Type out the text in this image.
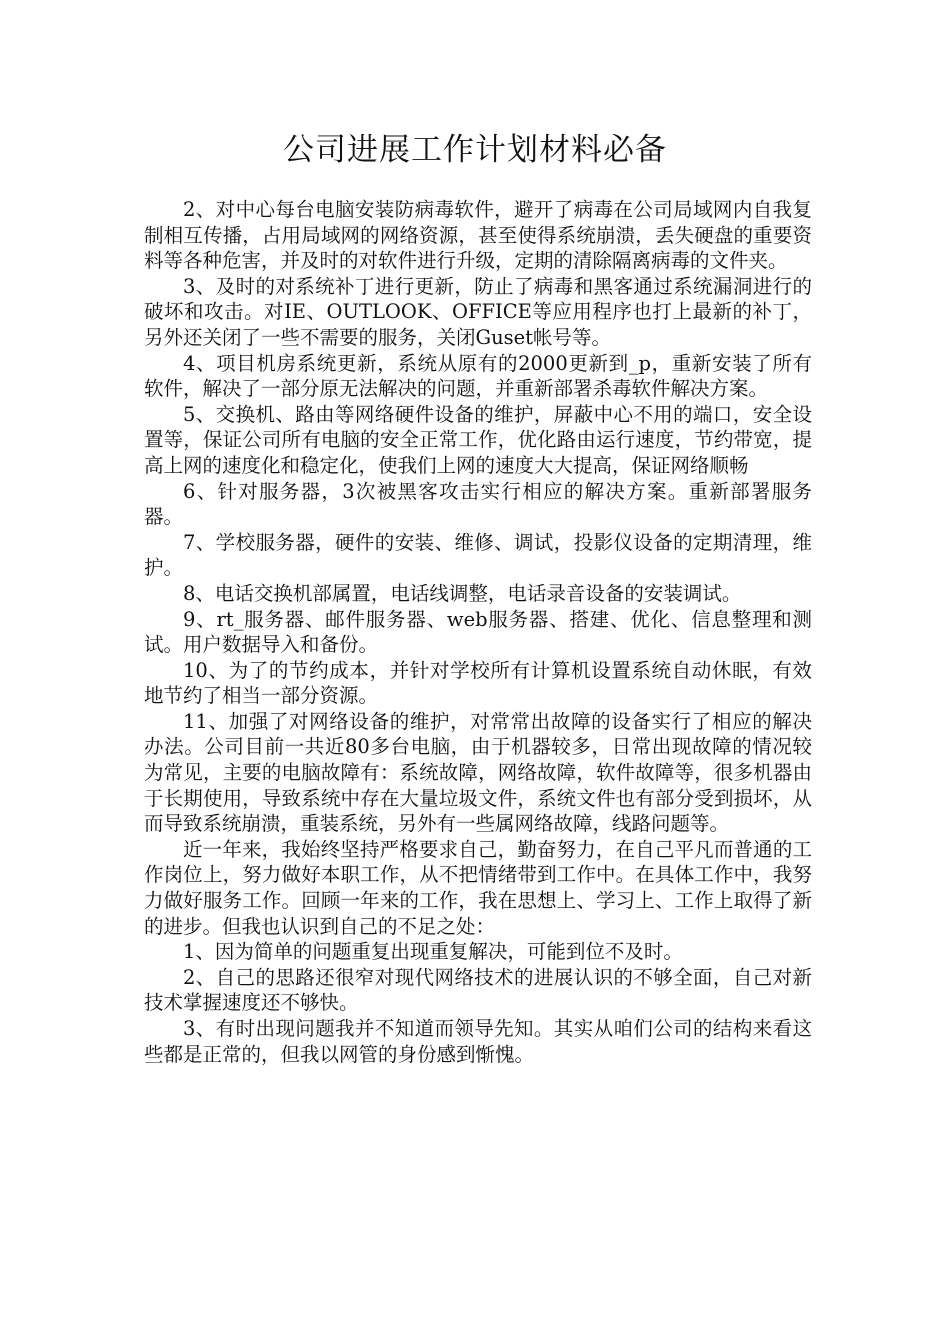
公司进展工作计划材料必备

2、对中心每台电脑安装防病毒软件，避开了病毒在公司局域网内自我复制相互传播，占用局域网的网络资源，甚至使得系统崩溃，丢失硬盘的重要资料等各种危害，并及时的对软件进行升级，定期的清除隔离病毒的文件夹。

3、及时的对系统补丁进行更新，防止了病毒和黑客通过系统漏洞进行的破坏和攻击。对IE、OUTLOOK、OFFICE等应用程序也打上最新的补丁，另外还关闭了一些不需要的服务，关闭Guset帐号等。

4、项目机房系统更新，系统从原有的2000更新到_p，重新安装了所有软件，解决了一部分原无法解决的问题，并重新部署杀毒软件解决方案。

5、交换机、路由等网络硬件设备的维护，屏蔽中心不用的端口，安全设置等，保证公司所有电脑的安全正常工作，优化路由运行速度，节约带宽，提高上网的速度化和稳定化，使我们上网的速度大大提高，保证网络顺畅

6、针对服务器，3次被黑客攻击实行相应的解决方案。重新部署服务器。

7、学校服务器，硬件的安装、维修、调试，投影仪设备的定期清理，维护。

8、电话交换机部属置，电话线调整，电话录音设备的安装调试。

9、rt_服务器、邮件服务器、web服务器、搭建、优化、信息整理和测试。用户数据导入和备份。

10、为了的节约成本，并针对学校所有计算机设置系统自动休眠，有效地节约了相当一部分资源。

11、加强了对网络设备的维护，对常常出故障的设备实行了相应的解决办法。公司目前一共近80多台电脑，由于机器较多，日常出现故障的情况较为常见，主要的电脑故障有：系统故障，网络故障，软件故障等，很多机器由于长期使用，导致系统中存在大量垃圾文件，系统文件也有部分受到损坏，从而导致系统崩溃，重装系统，另外有一些属网络故障，线路问题等。

近一年来，我始终坚持严格要求自己，勤奋努力，在自己平凡而普通的工作岗位上，努力做好本职工作，从不把情绪带到工作中。在具体工作中，我努力做好服务工作。回顾一年来的工作，我在思想上、学习上、工作上取得了新的进步。但我也认识到自己的不足之处：

1、因为简单的问题重复出现重复解决，可能到位不及时。

2、自己的思路还很窄对现代网络技术的进展认识的不够全面，自己对新技术掌握速度还不够快。

3、有时出现问题我并不知道而领导先知。其实从咱们公司的结构来看这些都是正常的，但我以网管的身份感到惭愧。
